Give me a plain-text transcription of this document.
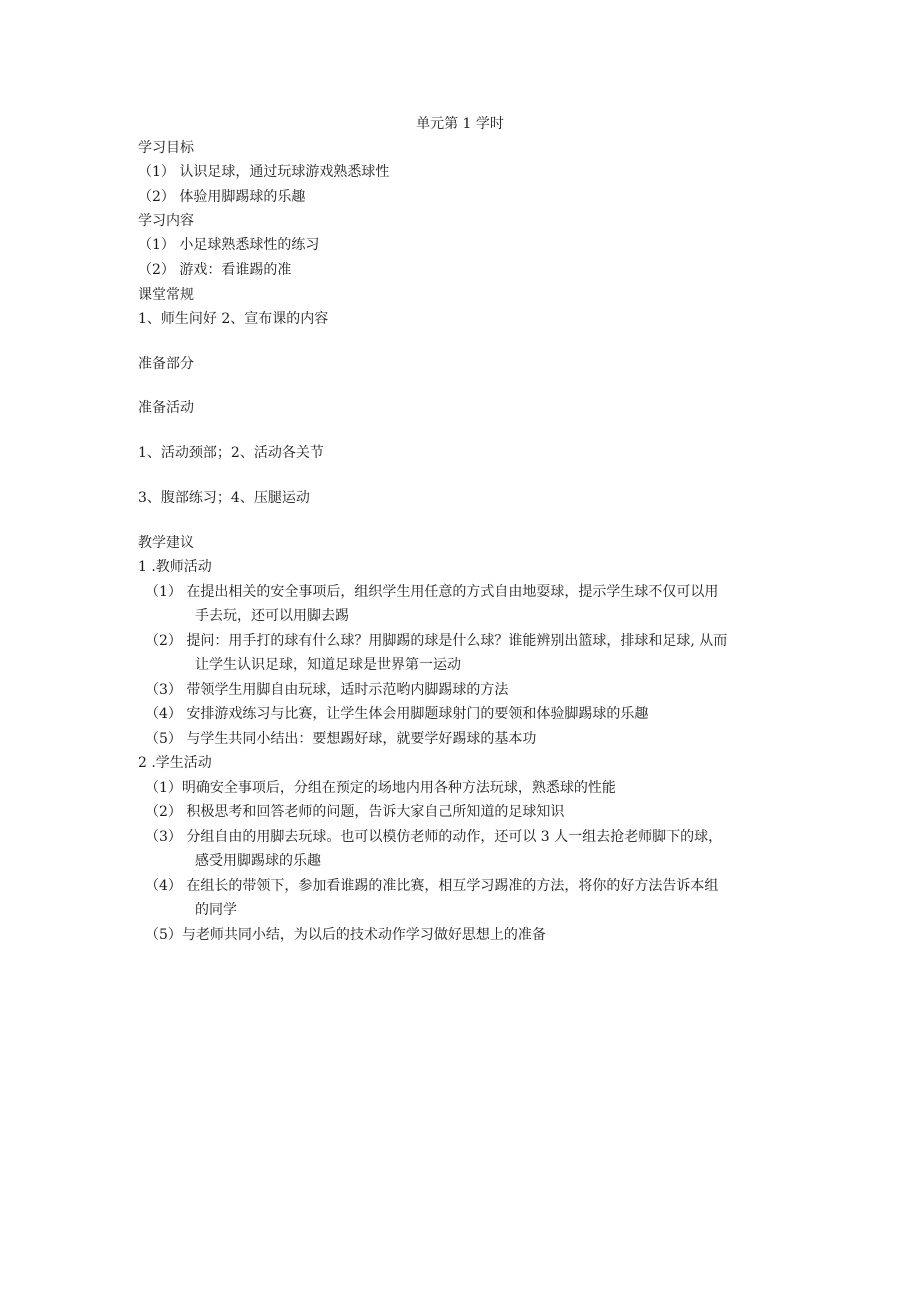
单元第 1 学时
学习目标
（1） 认识足球，通过玩球游戏熟悉球性
（2） 体验用脚踢球的乐趣
学习内容
（1） 小足球熟悉球性的练习
（2） 游戏：看谁踢的准
课堂常规
1、师生问好 2、宣布课的内容
准备部分
准备活动
1、活动颈部；2、活动各关节
3、腹部练习；4、压腿运动
教学建议
1 .教师活动
（1） 在提出相关的安全事项后，组织学生用任意的方式自由地耍球，提示学生球不仅可以用
手去玩，还可以用脚去踢
（2） 提问：用手打的球有什么球？用脚踢的球是什么球？谁能辨别出篮球，排球和足球, 从而
让学生认识足球，知道足球是世界第一运动
（3） 带领学生用脚自由玩球，适时示范哟内脚踢球的方法
（4） 安排游戏练习与比赛，让学生体会用脚题球射门的要领和体验脚踢球的乐趣
（5） 与学生共同小结出：要想踢好球，就要学好踢球的基本功
2 .学生活动
（1）明确安全事项后，分组在预定的场地内用各种方法玩球，熟悉球的性能
（2） 积极思考和回答老师的问题，告诉大家自己所知道的足球知识
（3） 分组自由的用脚去玩球。也可以模仿老师的动作，还可以 3 人一组去抢老师脚下的球，
感受用脚踢球的乐趣
（4） 在组长的带领下，参加看谁踢的准比赛，相互学习踢准的方法，将你的好方法告诉本组
的同学
（5）与老师共同小结，为以后的技术动作学习做好思想上的准备
